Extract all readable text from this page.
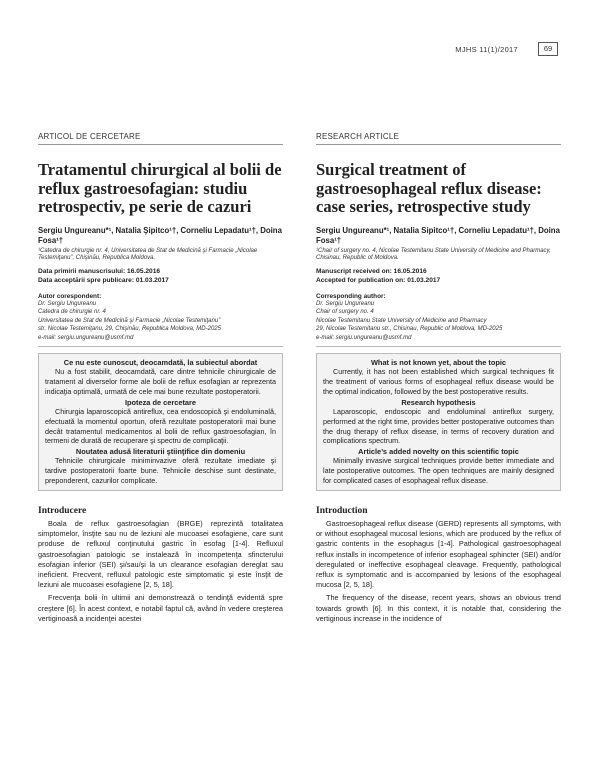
MJHS 11(1)/2017	69
ARTICOL DE CERCETARE
Tratamentul chirurgical al bolii de reflux gastroesofagian: studiu retrospectiv, pe serie de cazuri
Sergiu Ungureanu*¹, Natalia Şipitco¹†, Corneliu Lepadatu¹†, Doina Fosa¹†
¹Catedra de chirurgie nr. 4, Universitatea de Stat de Medicină şi Farmacie „Nicolae Testemiţanu”, Chişinău, Republica Moldova.
Data primirii manuscrisului: 16.05.2016
Data acceptării spre publicare: 01.03.2017
Autor corespondent:
Dr. Sergiu Ungureanu
Catedra de chirurgie nr. 4
Universitatea de Stat de Medicină şi Farmacie „Nicolae Testemiţanu”
str. Nicolae Testemiţanu, 29, Chişinău, Republica Moldova, MD-2025
e-mail: sergiu.ungureanu@usmf.md
Ce nu este cunoscut, deocamdată, la subiectul abordat
Nu a fost stabilit, deocamdată, care dintre tehnicile chirurgicale de tratament al diverselor forme ale bolii de reflux esofagian ar reprezenta indicaţia optimală, urmată de cele mai bune rezultate postoperatorii.
Ipoteza de cercetare
Chirurgia laparoscopică antireflux, cea endoscopică şi endoluminală, efectuată la momentul oportun, oferă rezultate postoperatorii mai bune decât tratamentul medicamentos al bolii de reflux gastroesofagian, în termeni de durată de recuperare şi spectru de complicaţii.
Noutatea adusă literaturii ştiinţifice din domeniu
Tehnicile chirurgicale miniminvazive oferă rezultate imediate şi tardive postoperatorii foarte bune. Tehnicile deschise sunt destinate, preponderent, cazurilor complicate.
Introducere
Boala de reflux gastroesofagian (BRGE) reprezintă totalitatea simptomelor, însţite sau nu de leziuni ale mucoasei esofagiene, care sunt produse de refluxul conţinutului gastric în esofag [1-4]. Refluxul gastroesofagian patologic se instalează în incompetenţa sfincterului esofagian inferior (SEI) şi/sau/şi la un clearance esofagian dereglat sau ineficient. Frecvent, refluxul patologic este simptomatic şi este însţit de leziuni ale mucoasei esofagiene [2, 5, 18].
Frecvenţa bolii în ultimii ani demonstrează o tendinţă evidentă spre creştere [6]. În acest context, e notabil faptul că, având în vedere creşterea vertiginoasă a incidenţei acestei
RESEARCH ARTICLE
Surgical treatment of gastroesophageal reflux disease: case series, retrospective study
Sergiu Ungureanu*¹, Natalia Sipitco¹†, Corneliu Lepadatu¹†, Doina Fosa¹†
¹Chair of surgery no. 4, Nicolae Testemitanu State University of Medicine and Pharmacy, Chisinau, Republic of Moldova.
Manuscript received on: 16.05.2016
Accepted for publication on: 01.03.2017
Corresponding author:
Dr. Sergiu Ungureanu
Chair of surgery no. 4
Nicolae Testemitanu State University of Medicine and Pharmacy
29, Nicolae Testemitanu str., Chisinau, Republic of Moldova, MD-2025
e-mail: sergiu.ungureanu@usmf.md
What is not known yet, about the topic
Currently, it has not been established which surgical techniques fit the treatment of various forms of esophageal reflux disease would be the optimal indication, followed by the best postoperative results.
Research hypothesis
Laparoscopic, endoscopic and endoluminal antireflux surgery, performed at the right time, provides better postoperative outcomes than the drug therapy of reflux disease, in terms of recovery duration and complications spectrum.
Article’s added novelty on this scientific topic
Minimally invasive surgical techniques provide better immediate and late postoperative outcomes. The open techniques are mainly designed for complicated cases of esophageal reflux disease.
Introduction
Gastroesophageal reflux disease (GERD) represents all symptoms, with or without esophageal mucosal lesions, which are produced by the reflux of gastric contents in the esophagus [1-4]. Pathological gastroesophageal reflux installs in incompetence of inferior esophageal sphincter (SEI) and/or deregulated or ineffective esophageal cleavage. Frequently, pathological reflux is symptomatic and is accompanied by lesions of the esophageal mucosa [2, 5, 18].
The frequency of the disease, recent years, shows an obvious trend towards growth [6]. In this context, it is notable that, considering the vertiginous increase in the incidence of
